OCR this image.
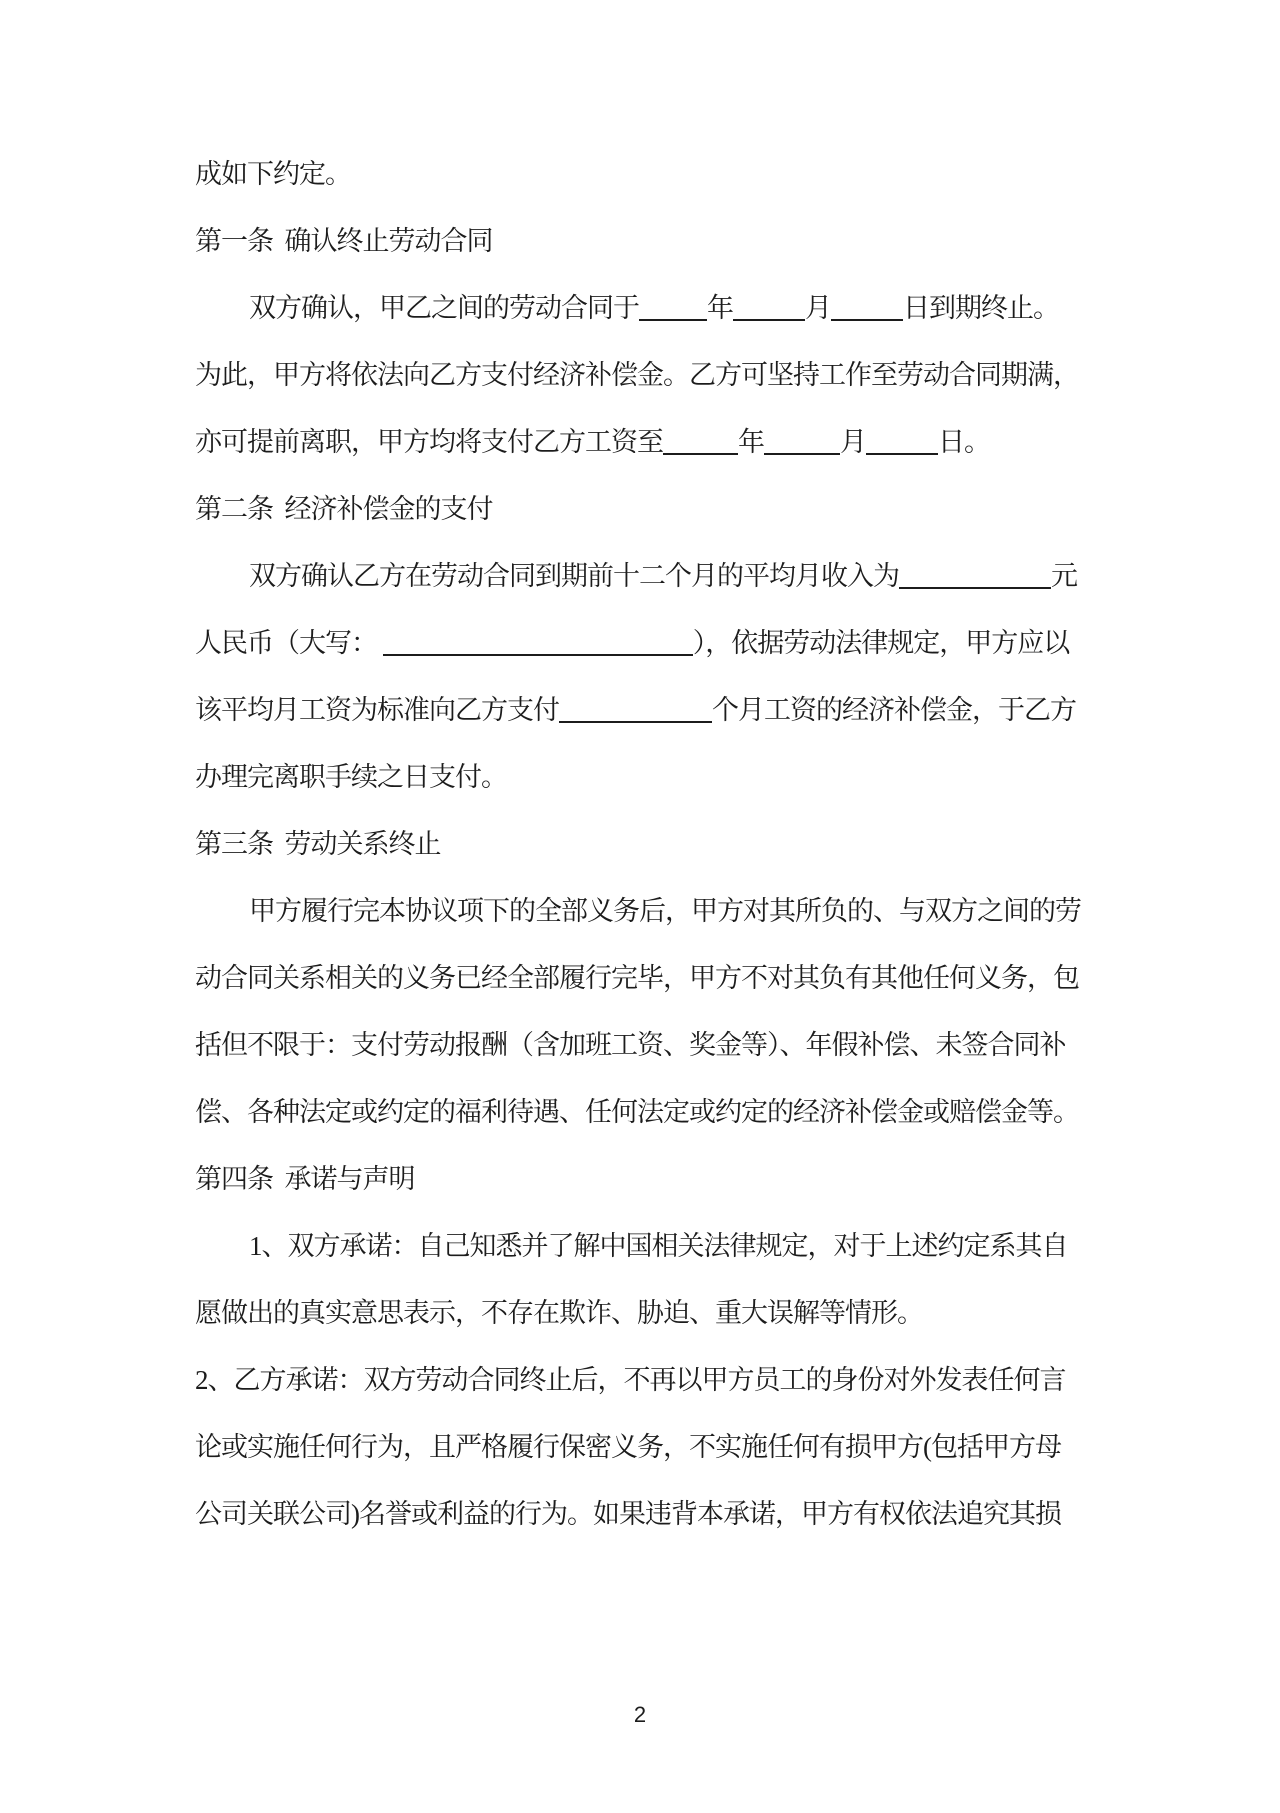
成如下约定。
第一条  确认终止劳动合同
双方确认，甲乙之间的劳动合同于	年	月	日到期终止。
为此，甲方将依法向乙方支付经济补偿金。乙方可坚持工作至劳动合同期满，
亦可提前离职，甲方均将支付乙方工资至	年	月	日。
第二条  经济补偿金的支付
双方确认乙方在劳动合同到期前十二个月的平均月收入为	元
人民币（大写：	），依据劳动法律规定，甲方应以
该平均月工资为标准向乙方支付	个月工资的经济补偿金，于乙方
办理完离职手续之日支付。
第三条  劳动关系终止
甲方履行完本协议项下的全部义务后，甲方对其所负的、与双方之间的劳
动合同关系相关的义务已经全部履行完毕，甲方不对其负有其他任何义务，包
括但不限于：支付劳动报酬（含加班工资、奖金等）、年假补偿、未签合同补
偿、各种法定或约定的福利待遇、任何法定或约定的经济补偿金或赔偿金等。
第四条  承诺与声明
1、双方承诺：自己知悉并了解中国相关法律规定，对于上述约定系其自
愿做出的真实意思表示，不存在欺诈、胁迫、重大误解等情形。
2、乙方承诺：双方劳动合同终止后，不再以甲方员工的身份对外发表任何言
论或实施任何行为，且严格履行保密义务，不实施任何有损甲方(包括甲方母
公司关联公司)名誉或利益的行为。如果违背本承诺，甲方有权依法追究其损
2
